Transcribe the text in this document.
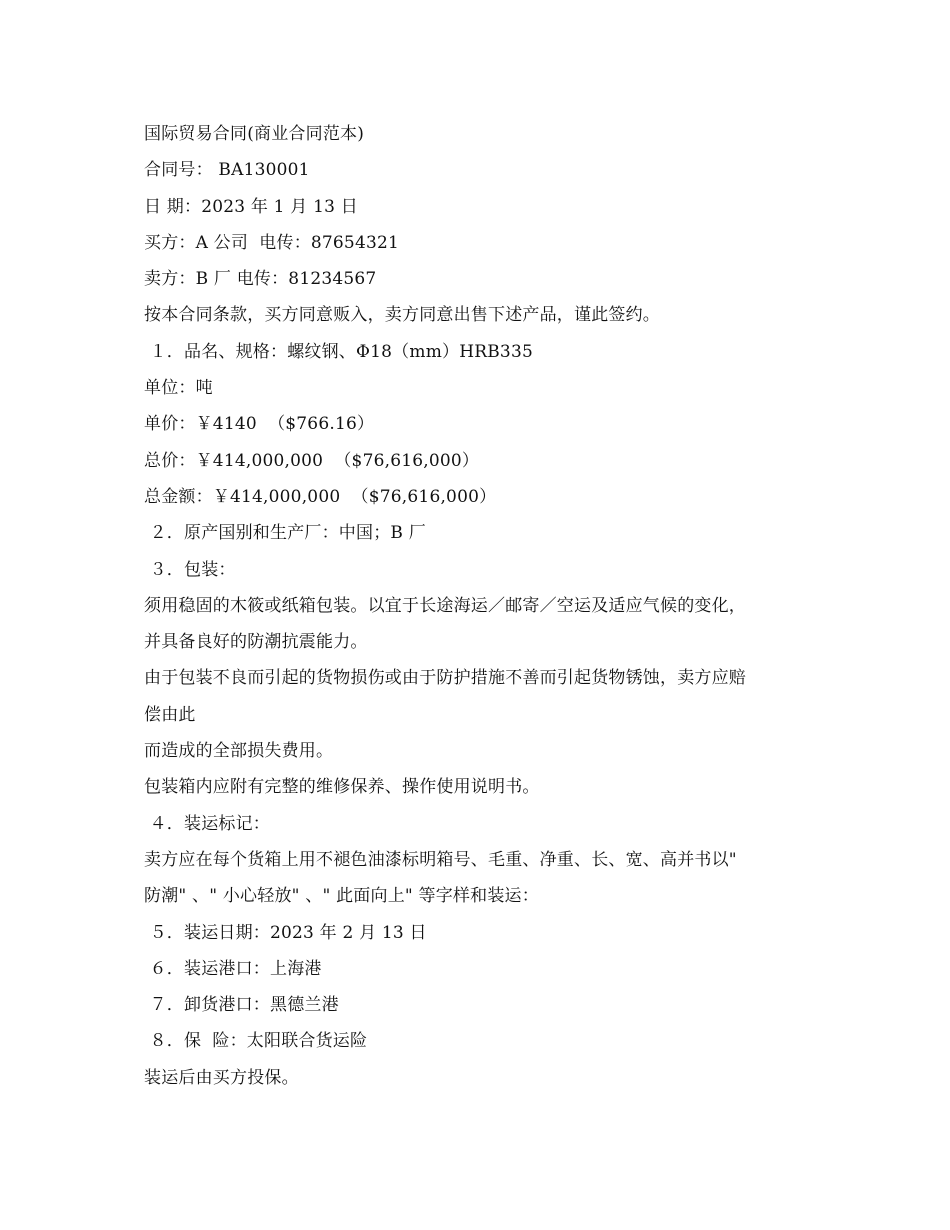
国际贸易合同(商业合同范本)
合同号： BA130001
日 期：2023 年 1 月 13 日
买方：A 公司  电传：87654321
卖方：B 厂 电传：81234567
按本合同条款，买方同意贩入，卖方同意出售下述产品，谨此签约。
１．品名、规格：螺纹钢、Φ18（mm）HRB335
单位：吨
单价：￥4140  （$766.16）
总价：￥414,000,000  （$76,616,000）
总金额：￥414,000,000  （$76,616,000）
２．原产国别和生产厂：中国；B 厂
３．包装：
须用稳固的木筱或纸箱包装。以宜于长途海运／邮寄／空运及适应气候的变化，
并具备良好的防潮抗震能力。
由于包装不良而引起的货物损伤或由于防护措施不善而引起货物锈蚀，卖方应赔
偿由此
而造成的全部损失费用。
包装箱内应附有完整的维修保养、操作使用说明书。
４．装运标记：
卖方应在每个货箱上用不褪色油漆标明箱号、毛重、净重、长、宽、高并书以"
防潮" 、" 小心轻放" 、" 此面向上" 等字样和装运：
５．装运日期：2023 年 2 月 13 日
６．装运港口：上海港
７．卸货港口：黑德兰港
８．保  险：太阳联合货运险
装运后由买方投保。
